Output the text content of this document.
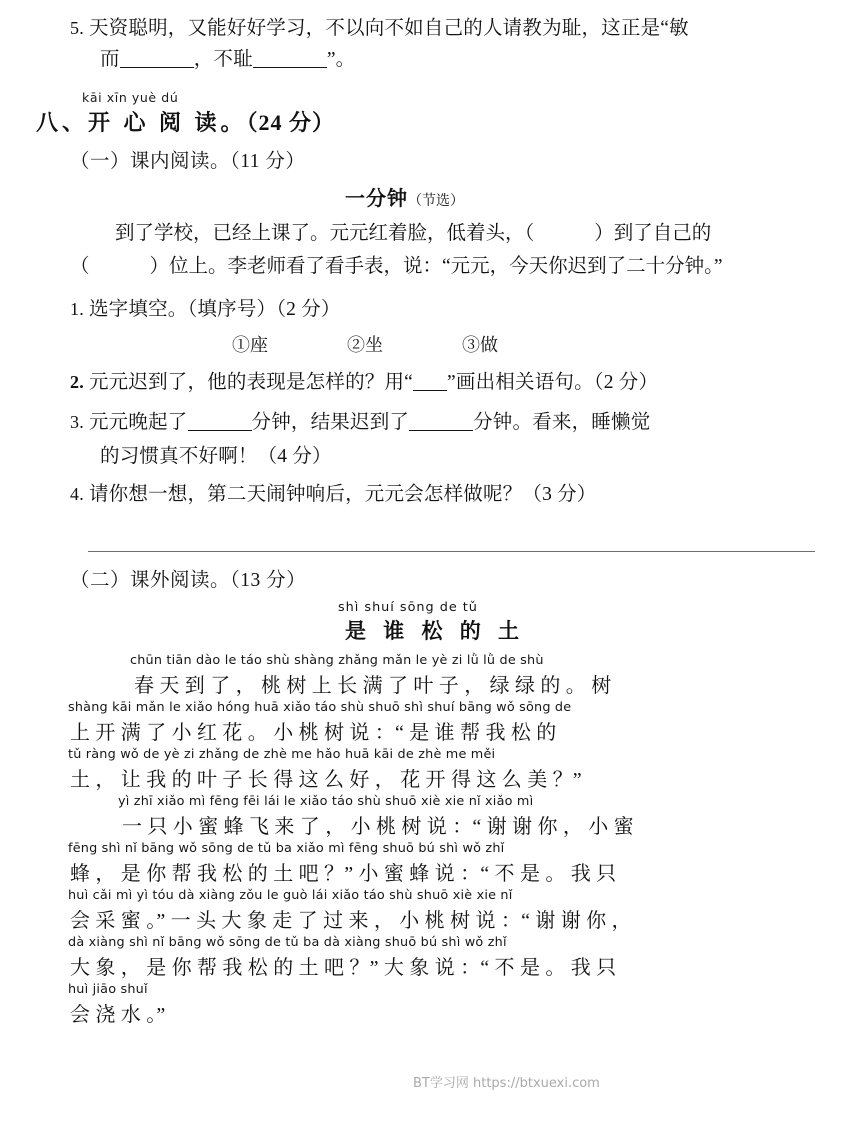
5. 天资聪明，又能好好学习，不以向不如自己的人请教为耻，这正是“敏
而	，不耻	”。
kāi xīn yuè dú
八、开 心 阅 读。（24 分）
（一）课内阅读。（11 分）
一分钟（节选）
到了学校，已经上课了。元元红着脸，低着头，（	）到了自己的
（	）位上。李老师看了看手表，说：“元元，今天你迟到了二十分钟。”
1. 选字填空。（填序号）（2 分）
①座	②坐	③做
2. 元元迟到了，他的表现是怎样的？用“ ”画出相关语句。（2 分）
3. 元元晚起了	分钟，结果迟到了	分钟。看来，睡懒觉
的习惯真不好啊！（4 分）
4. 请你想一想，第二天闹钟响后，元元会怎样做呢？（3 分）
（二）课外阅读。（13 分）
shì shuí sōng de tǔ
是 谁 松 的 土
chūn tiān dào le táo shù shàng zhǎng mǎn le yè zi lǜ lǜ de shù
春 天 到 了 ， 桃 树 上 长 满 了 叶 子 ， 绿 绿 的 。 树
shàng kāi mǎn le xiǎo hóng huā xiǎo táo shù shuō shì shuí bāng wǒ sōng de
上 开 满 了 小 红 花 。 小 桃 树 说 ：“ 是 谁 帮 我 松 的
tǔ ràng wǒ de yè zi zhǎng de zhè me hǎo huā kāi de zhè me měi
土 ， 让 我 的 叶 子 长 得 这 么 好 ， 花 开 得 这 么 美 ？”
yì zhī xiǎo mì fēng fēi lái le xiǎo táo shù shuō xiè xie nǐ xiǎo mì
一 只 小 蜜 蜂 飞 来 了 ， 小 桃 树 说 ：“ 谢 谢 你 ， 小 蜜
fēng shì nǐ bāng wǒ sōng de tǔ ba xiǎo mì fēng shuō bú shì wǒ zhǐ
蜂 ， 是 你 帮 我 松 的 土 吧 ？” 小 蜜 蜂 说 ：“ 不 是 。 我 只
huì cǎi mì yì tóu dà xiàng zǒu le guò lái xiǎo táo shù shuō xiè xie nǐ
会 采 蜜 。” 一 头 大 象 走 了 过 来 ， 小 桃 树 说 ：“ 谢 谢 你 ，
dà xiàng shì nǐ bāng wǒ sōng de tǔ ba dà xiàng shuō bú shì wǒ zhǐ
大 象 ， 是 你 帮 我 松 的 土 吧 ？” 大 象 说 ：“ 不 是 。 我 只
huì jiāo shuǐ
会 浇 水 。”
BT学习网 https://btxuexi.com
